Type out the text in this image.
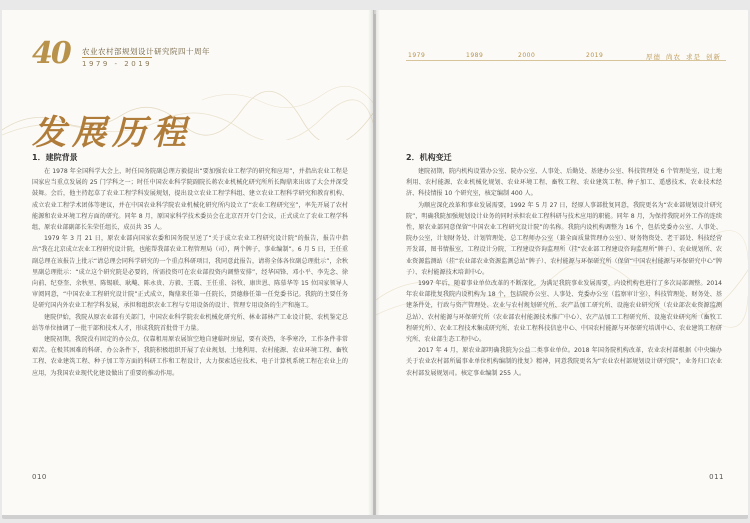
40 农业农村部规划设计研究院四十周年
1979 - 2019
发展历程
1．建院背景

在 1978 年全国科学大会上，时任国务院副总理方毅提出“要加强农业工程学的研究和应用”，并指出农业工程是国家应当重点发展的 25 门学科之一；时任中国农业科学院副院长蒋农业机械化研究所所长陶鼎来出席了大会并深受鼓舞。会后，他主持起草了农业工程学科发展规划，提出设立农业工程学科组、建立农业工程科学研究和教育机构、成立农业工程学术团体等建议，并在中国农业科学院农业机械化研究所内设立了“农业工程研究室”，率先开展了农村能源和农业环境工程方面的研究。同年 8 月，原国家科学技术委员会在北京召开专门会议，正式成立了农业工程学科组，原农业部副部长朱荣任组长，成员共 35 人。

1979 年 3 月 21 日，原农业部向国家农委和国务院呈送了“关于成立农业工程研究设计院”的报告，报告中指出“我在北京成立农业工程研究设计院，也能帮我部农业工程管理局（司），两个牌子，事业编制”。6 月 5 日，王任重副总理在该报告上批示“请总理会同科学研究的一个重点科研项目，我同意此报告，请将全体各位副总理批示”，余秋里副总理批示：“成立这个研究院是必要的，所需投资可在农业部投资内调整安排”，经华国锋、邓小平、李先念、徐向前、纪登奎、余秋里、陈锡联、耿飚、陈永贵、方毅、王震、王任重、谷牧、康世恩、陈慕华等 15 位国家领导人审阅同意，“中国农业工程研究设计院”正式成立，陶鼎来任第一任院长，贾德修任第一任党委书记。我院的主要任务是研究国内外农业工程学科发展，承担和组织农业工程与专用设备的设计、管理专用设备的生产和施工。

建院伊始，我院从原农业部有关部门，中国农业科学院农业机械化研究所、林业部林产工业设计院、农机鉴定总站等单位抽调了一批干部和技术人才，形成我院首批骨干力量。

建院初期，我院没有固定的办公点，仅靠租用原农展馆空地自建临时房屋，要有炎热，冬季寒冷，工作条件非常艰苦。在极其困难的科研、办公条件下，我院积极组织开展了农业规划、土地利用、农村能源、农业环境工程、畜牧工程、农业建筑工程、种子加工等方面的科研工作和工程设计，大力探索适应技术、电子计算机系统工程在农业上的应用，为我国农业现代化建设做出了重要的推动作用。

010
1979	1989	2000	2019	厚德 尚农 求是 创新
2．机构变迁

建院初期，院内机构设置办公室、院办公室、人事处、后勤处、基建办公室、科技管理处 6 个管理处室，设土地利用、农村能源、农业机械化规划、农业环境工程、畜牧工程、农业建筑工程、种子加工、遥感技术、农业技术经济、科技情报 10 个研究室，核定编制 400 人。

为顺应深化改革和事业发展需要，1992 年 5 月 27 日，经原人事部批复同意，我院更名为“农业部规划设计研究院”，明确我院加强规划设计业务的同时承担农业工程科研与技术应用的职能。同年 8 月，为保持我院对外工作的连续性，原农业部同意保留“中国农业工程研究设计院”的名称。我院内设机构调整为 16 个，包括党委办公室、人事处、院办公室，计划财务处、计划管理处、总工程师办公室（兼全面质量管理办公室）、财务物资处、老干部处、科技经营开发部，图书情报室，工程设计分院，工程建设咨询监理所（挂“农业部工程建设咨询监理所”牌子）、农业规划所、农业资源监测站（挂“农业部农业资源监测总站”牌子）、农村能源与环保研究所（保留“中国农村能源与环保研究中心”牌子）、农村能源技术培训中心。

1997 年后，随着事业单位改革的不断深化，为满足我院事业发展需要，内设机构也进行了多次局部调整。2014 年农业部批复我院内设机构为 18 个，包括院办公室、人事处、党委办公室（监察审计室）、科技管理处、财务处、基建条件处，行政与资产管理处、农业与农村规划研究所、农产品加工研究所、设施农业研究所（农业部农业资源监测总站）、农村能源与环保研究所（农业部农村能源技术推广中心）、农产品加工工程研究所、设施农业研究所（畜牧工程研究所）、农业工程技术集成研究所、农业工程科技信息中心、中国农村能源与环保研究培训中心、农业建筑工程研究所、农业部生态工程中心。

2017 年 4 月，原农业部明确我院为公益二类事业单位。2018 年国务院机构改革，农业农村部根据《中央编办关于农业农村部所属事业单位机构编制的批复》精神，同意我院更名为“农业农村部规划设计研究院”，业务归口农业农村部发展规划司。核定事业编制 255 人。

011
